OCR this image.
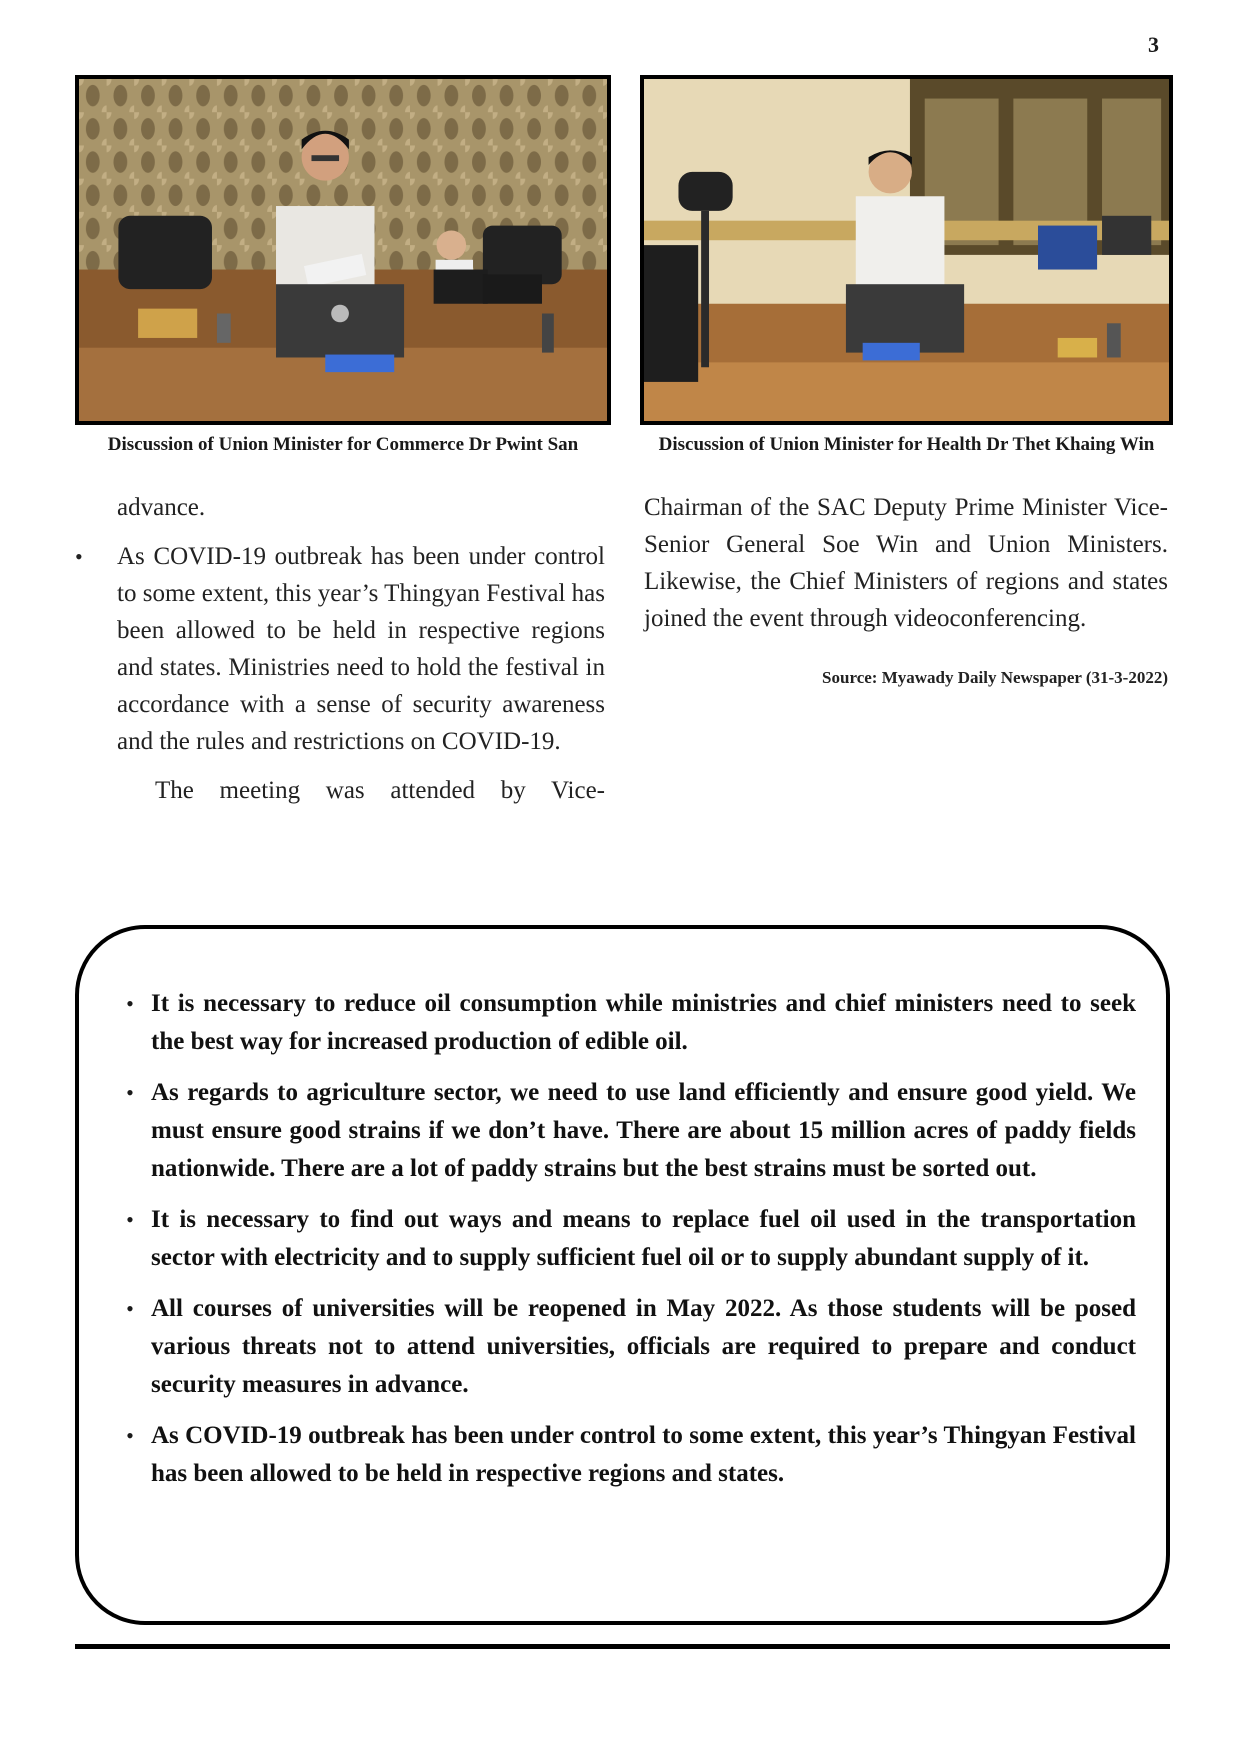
3
Discussion of Union Minister for Commerce Dr Pwint San	Discussion of Union Minister for Health Dr Thet Khaing Win

advance.

•	As COVID-19 outbreak has been under control to some extent, this year’s Thingyan Festival has been allowed to be held in respective regions and states. Ministries need to hold the festival in accordance with a sense of security awareness and the rules and restrictions on COVID-19.

The meeting was attended by Vice-

Chairman of the SAC Deputy Prime Minister Vice-Senior General Soe Win and Union Ministers. Likewise, the Chief Ministers of regions and states joined the event through videoconferencing.

Source: Myawady Daily Newspaper (31-3-2022)
• It is necessary to reduce oil consumption while ministries and chief ministers need to seek the best way for increased production of edible oil.
• As regards to agriculture sector, we need to use land efficiently and ensure good yield. We must ensure good strains if we don’t have. There are about 15 million acres of paddy fields nationwide. There are a lot of paddy strains but the best strains must be sorted out.
• It is necessary to find out ways and means to replace fuel oil used in the transportation sector with electricity and to supply sufficient fuel oil or to supply abundant supply of it.
• All courses of universities will be reopened in May 2022. As those students will be posed various threats not to attend universities, officials are required to prepare and conduct security measures in advance.
• As COVID-19 outbreak has been under control to some extent, this year’s Thingyan Festival has been allowed to be held in respective regions and states.
